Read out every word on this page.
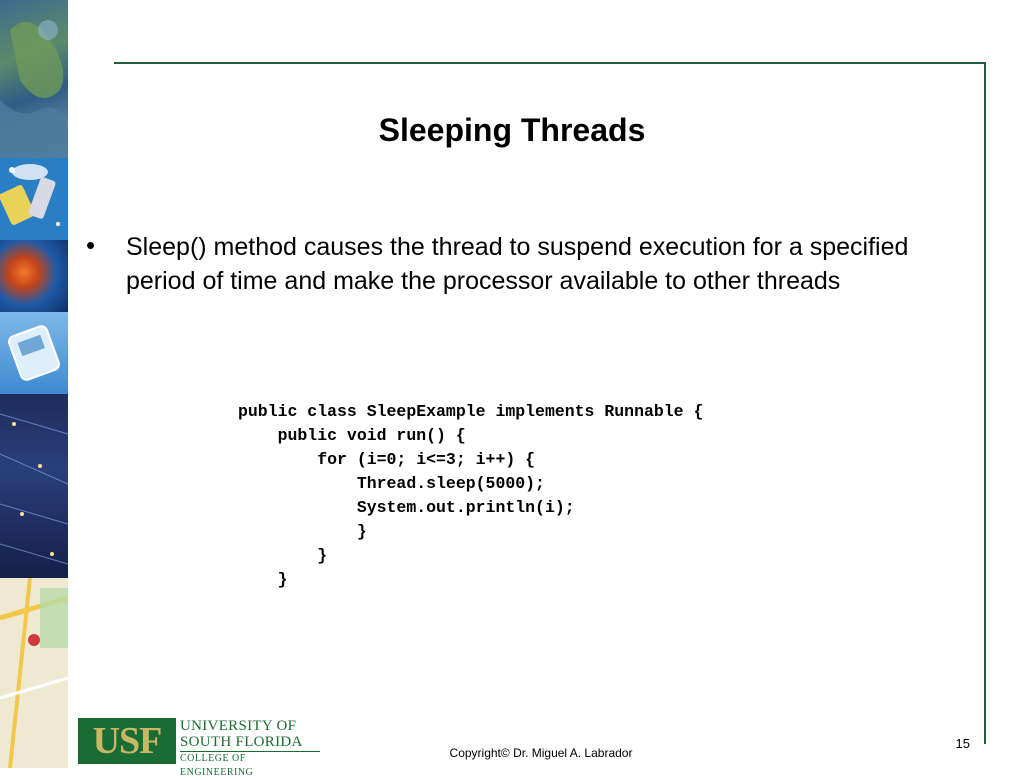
Sleeping Threads
• Sleep() method causes the thread to suspend execution for a specified period of time and make the processor available to other threads
public class SleepExample implements Runnable {
public void run() {
for (i=0; i<=3; i++) {
Thread.sleep(5000);
System.out.println(i);
}
}
}
USF	UNIVERSITY OF
SOUTH FLORIDA
COLLEGE OF ENGINEERING
Copyright© Dr. Miguel A. Labrador
15
